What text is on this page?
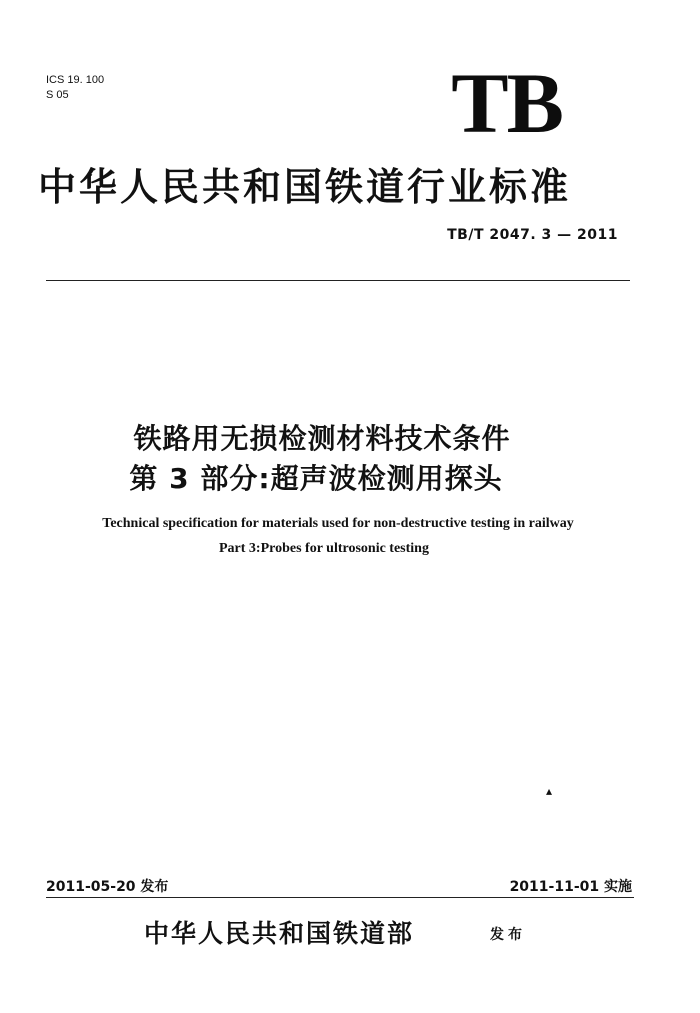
ICS 19. 100
S 05	TB
中华人民共和国铁道行业标准
TB/T 2047. 3 — 2011
铁路用无损检测材料技术条件
第 3 部分:超声波检测用探头
Technical specification for materials used for non-destructive testing in railway
Part 3:Probes for ultrosonic testing
▴
2011-05-20 发布	2011-11-01 实施
中华人民共和国铁道部	发布
